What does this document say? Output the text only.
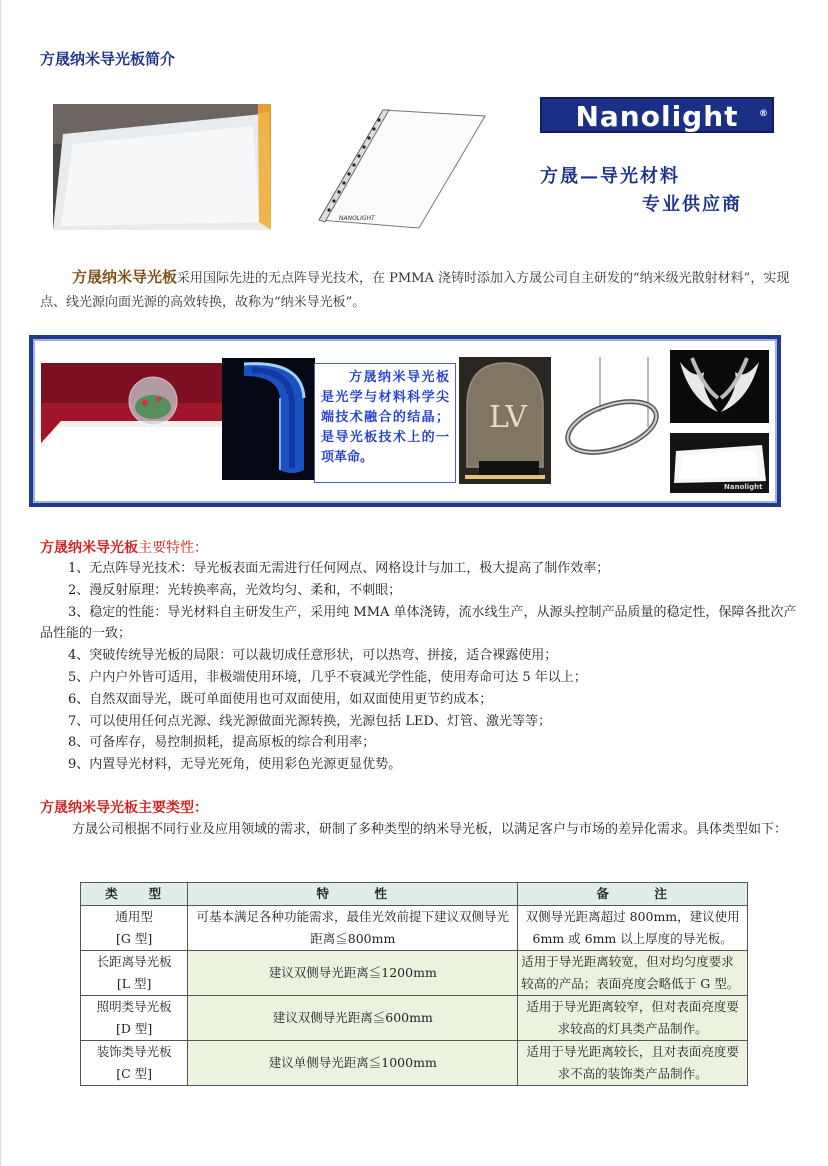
方晟纳米导光板简介
NANOLIGHT
Nanolight ®
方晟—导光材料
专业供应商
方晟纳米导光板采用国际先进的无点阵导光技术，在 PMMA 浇铸时添加入方晟公司自主研发的“纳米级光散射材料”，实现点、线光源向面光源的高效转换，故称为“纳米导光板”。
方晟纳米导光板是光学与材料科学尖端技术融合的结晶；是导光板技术上的一项革命。
LV
Nanolight
方晟纳米导光板主要特性：
1、无点阵导光技术：导光板表面无需进行任何网点、网格设计与加工，极大提高了制作效率；
2、漫反射原理：光转换率高，光效均匀、柔和，不刺眼；
3、稳定的性能：导光材料自主研发生产，采用纯 MMA 单体浇铸，流水线生产，从源头控制产品质量的稳定性，保障各批次产品性能的一致；
4、突破传统导光板的局限：可以裁切成任意形状，可以热弯、拼接，适合裸露使用；
5、户内户外皆可适用，非极端使用环境，几乎不衰减光学性能，使用寿命可达 5 年以上；
6、自然双面导光，既可单面使用也可双面使用，如双面使用更节约成本；
7、可以使用任何点光源、线光源做面光源转换，光源包括 LED、灯管、激光等等；
8、可备库存，易控制损耗，提高原板的综合利用率；
9、内置导光材料，无导光死角，使用彩色光源更显优势。
方晟纳米导光板主要类型：
方晟公司根据不同行业及应用领域的需求，研制了多种类型的纳米导光板，以满足客户与市场的差异化需求。具体类型如下：
类　　型	特　　　性	备　　　注
通用型
[G 型]	可基本满足各种功能需求，最佳光效前提下建议双侧导光距离≦800mm	双侧导光距离超过 800mm，建议使用 6mm 或 6mm 以上厚度的导光板。
长距离导光板
[L 型]	建议双侧导光距离≦1200mm	适用于导光距离较宽，但对均匀度要求较高的产品；表面亮度会略低于 G 型。
照明类导光板
[D 型]	建议双侧导光距离≦600mm	适用于导光距离较窄，但对表面亮度要求较高的灯具类产品制作。
装饰类导光板
[C 型]	建议单侧导光距离≦1000mm	适用于导光距离较长，且对表面亮度要求不高的装饰类产品制作。
